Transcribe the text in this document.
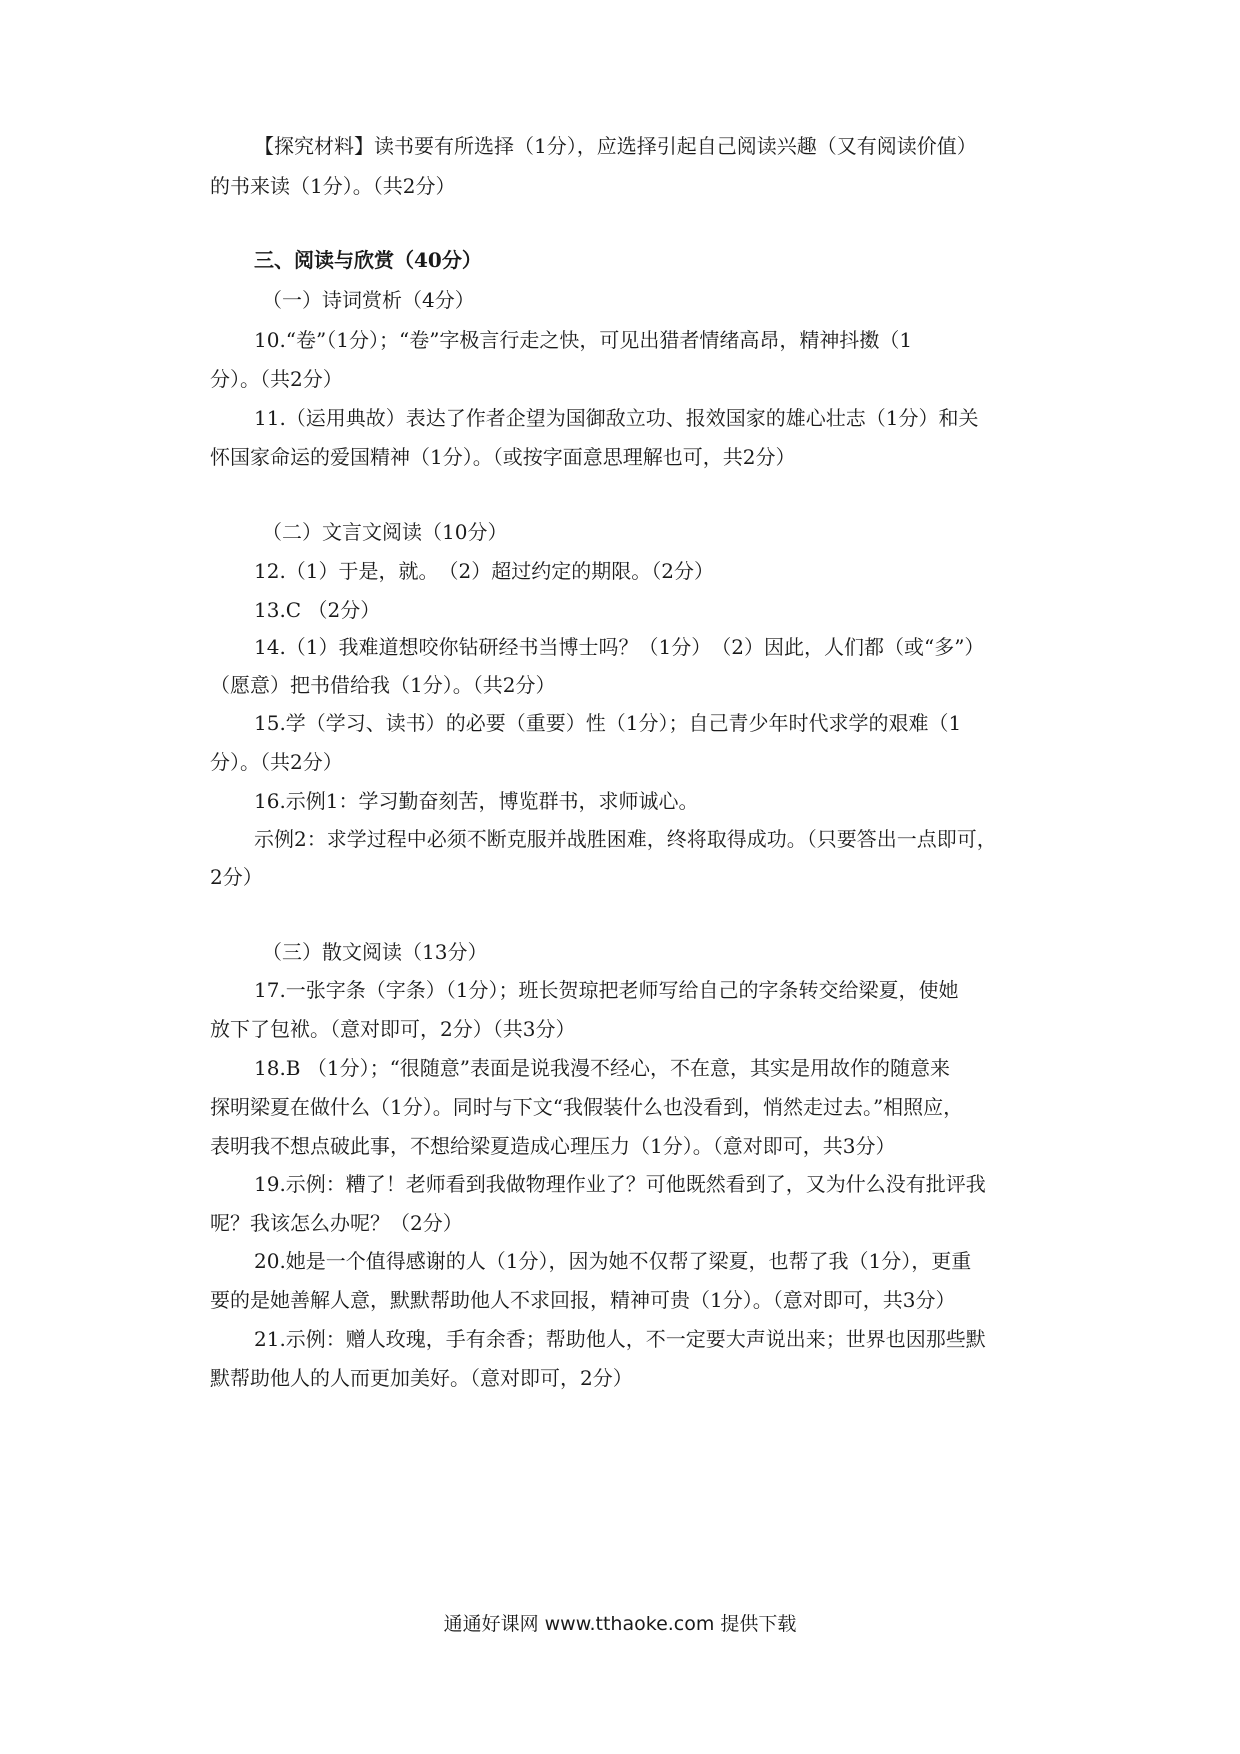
【探究材料】读书要有所选择（1分），应选择引起自己阅读兴趣（又有阅读价值）
的书来读（1分）。（共2分）
三、阅读与欣赏（40分）
（一）诗词赏析（4分）
10.“卷”（1分）；“卷”字极言行走之快，可见出猎者情绪高昂，精神抖擞（1
分）。（共2分）
11.（运用典故）表达了作者企望为国御敌立功、报效国家的雄心壮志（1分）和关
怀国家命运的爱国精神（1分）。（或按字面意思理解也可，共2分）
（二）文言文阅读（10分）
12.（1）于是，就。　（2）超过约定的期限。（2分）
13.C （2分）
14.（1）我难道想咬你钻研经书当博士吗？（1分）　（2）因此，人们都（或“多”）
（愿意）把书借给我（1分）。（共2分）
15.学（学习、读书）的必要（重要）性（1分）；自己青少年时代求学的艰难（1
分）。（共2分）
16.示例1：学习勤奋刻苦，博览群书，求师诚心。
示例2：求学过程中必须不断克服并战胜困难，终将取得成功。（只要答出一点即可，
2分）
（三）散文阅读（13分）
17.一张字条（字条）（1分）；班长贺琼把老师写给自己的字条转交给梁夏，使她
放下了包袱。（意对即可，2分）（共3分）
18.B （1分）；“很随意”表面是说我漫不经心，不在意，其实是用故作的随意来
探明梁夏在做什么（1分）。同时与下文“我假装什么也没看到，悄然走过去。”相照应，
表明我不想点破此事，不想给梁夏造成心理压力（1分）。（意对即可，共3分）
19.示例：糟了！老师看到我做物理作业了？可他既然看到了，又为什么没有批评我
呢？我该怎么办呢？（2分）
20.她是一个值得感谢的人（1分），因为她不仅帮了梁夏，也帮了我（1分），更重
要的是她善解人意，默默帮助他人不求回报，精神可贵（1分）。（意对即可，共3分）
21.示例：赠人玫瑰，手有余香；帮助他人，不一定要大声说出来；世界也因那些默
默帮助他人的人而更加美好。（意对即可，2分）
通通好课网 www.tthaoke.com 提供下载
